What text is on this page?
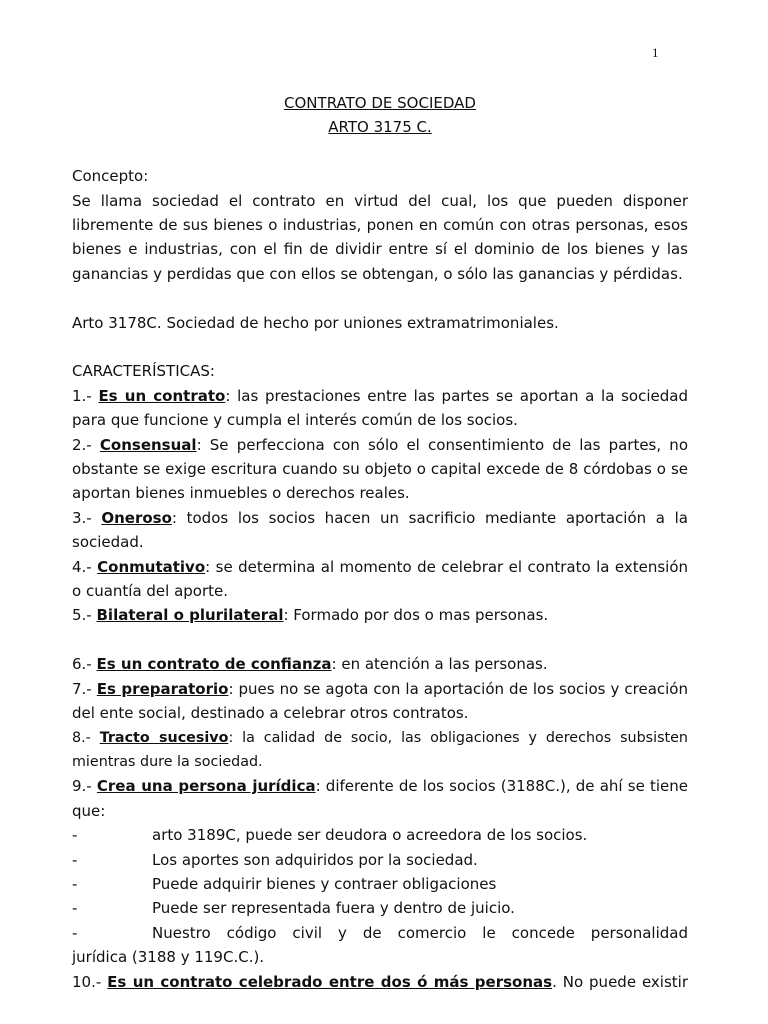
1

CONTRATO DE SOCIEDAD

ARTO 3175 C.

Concepto:

Se llama sociedad el contrato en virtud del cual, los que pueden disponer libremente de sus bienes o industrias, ponen en común con otras personas, esos bienes e industrias, con el fin de dividir entre sí el dominio de los bienes y las ganancias y perdidas que con ellos se obtengan, o sólo las ganancias y pérdidas.

Arto 3178C. Sociedad de hecho por uniones extramatrimoniales.

CARACTERÍSTICAS:

1.- Es un contrato: las prestaciones entre las partes se aportan a la sociedad para que funcione y cumpla el interés común de los socios.

2.- Consensual: Se perfecciona con sólo el consentimiento de las partes, no obstante se exige escritura cuando su objeto o capital excede de 8 córdobas o se aportan bienes inmuebles o derechos reales.

3.- Oneroso: todos los socios hacen un sacrificio mediante aportación a la sociedad.

4.- Conmutativo: se determina al momento de celebrar el contrato la extensión o cuantía del aporte.

5.- Bilateral o plurilateral: Formado por dos o mas personas.

6.- Es un contrato de confianza: en atención a las personas.

7.- Es preparatorio: pues no se agota con la aportación de los socios y creación del ente social, destinado a celebrar otros contratos.

8.- Tracto sucesivo: la calidad de socio, las obligaciones y derechos subsisten mientras dure la sociedad.

9.- Crea una persona jurídica: diferente de los socios (3188C.), de ahí se tiene que:

-	arto 3189C, puede ser deudora o acreedora de los socios.
-	Los aportes son adquiridos por la sociedad.
-	Puede adquirir bienes y contraer obligaciones
-	Puede ser representada fuera y dentro de juicio.
-	Nuestro código civil y de comercio le concede personalidad

jurídica (3188 y 119C.C.).

10.- Es un contrato celebrado entre dos ó más personas. No puede existir
